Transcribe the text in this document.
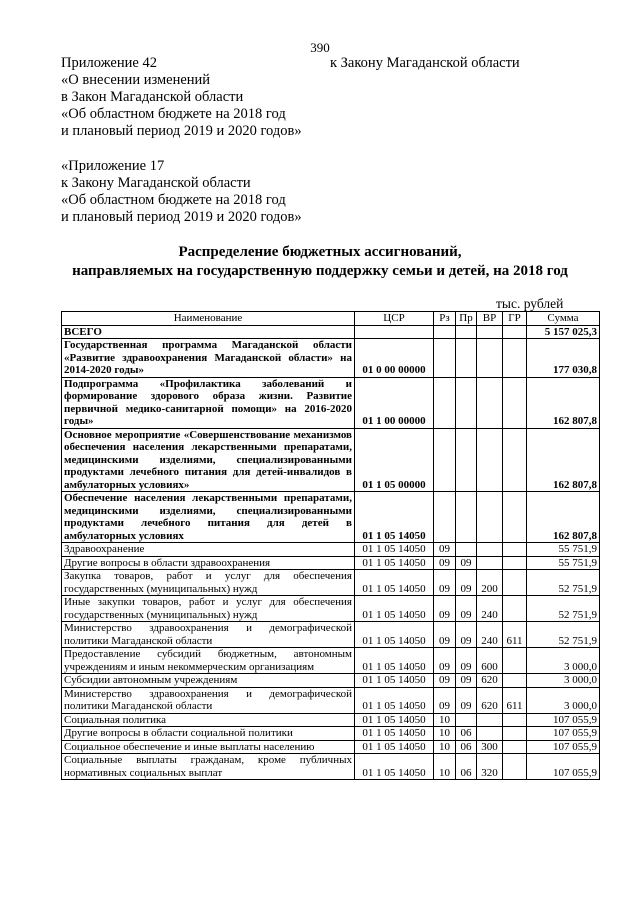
390
Приложение 42
«О внесении изменений
в Закон Магаданской области
«Об областном бюджете на 2018 год
и плановый период 2019 и 2020 годов»
к Закону Магаданской области
«Приложение 17
к Закону Магаданской области
«Об областном бюджете на 2018 год
и плановый период 2019 и 2020 годов»
Распределение бюджетных ассигнований,
направляемых на государственную поддержку семьи и детей, на 2018 год
тыс. рублей
Наименование	ЦСР	Рз	Пр	ВР	ГР	Сумма
ВСЕГО						5 157 025,3
Государственная программа Магаданской области «Развитие здравоохранения Магаданской области» на 2014-2020 годы»	01 0 00 00000					177 030,8
Подпрограмма «Профилактика заболеваний и формирование здорового образа жизни. Развитие первичной медико-санитарной помощи» на 2016-2020 годы»	01 1 00 00000					162 807,8
Основное мероприятие «Совершенствование механизмов обеспечения населения лекарственными препаратами, медицинскими изделиями, специализированными продуктами лечебного питания для детей-инвалидов в амбулаторных условиях»	01 1 05 00000					162 807,8
Обеспечение населения лекарственными препаратами, медицинскими изделиями, специализированными продуктами лечебного питания для детей в амбулаторных условиях	01 1 05 14050					162 807,8
Здравоохранение	01 1 05 14050	09				55 751,9
Другие вопросы в области здравоохранения	01 1 05 14050	09	09			55 751,9
Закупка товаров, работ и услуг для обеспечения государственных (муниципальных) нужд	01 1 05 14050	09	09	200		52 751,9
Иные закупки товаров, работ и услуг для обеспечения государственных (муниципальных) нужд	01 1 05 14050	09	09	240		52 751,9
Министерство здравоохранения и демографической политики Магаданской области	01 1 05 14050	09	09	240	611	52 751,9
Предоставление субсидий бюджетным, автономным учреждениям и иным некоммерческим организациям	01 1 05 14050	09	09	600		3 000,0
Субсидии автономным учреждениям	01 1 05 14050	09	09	620		3 000,0
Министерство здравоохранения и демографической политики Магаданской области	01 1 05 14050	09	09	620	611	3 000,0
Социальная политика	01 1 05 14050	10				107 055,9
Другие вопросы в области социальной политики	01 1 05 14050	10	06			107 055,9
Социальное обеспечение и иные выплаты населению	01 1 05 14050	10	06	300		107 055,9
Социальные выплаты гражданам, кроме публичных нормативных социальных выплат	01 1 05 14050	10	06	320		107 055,9
